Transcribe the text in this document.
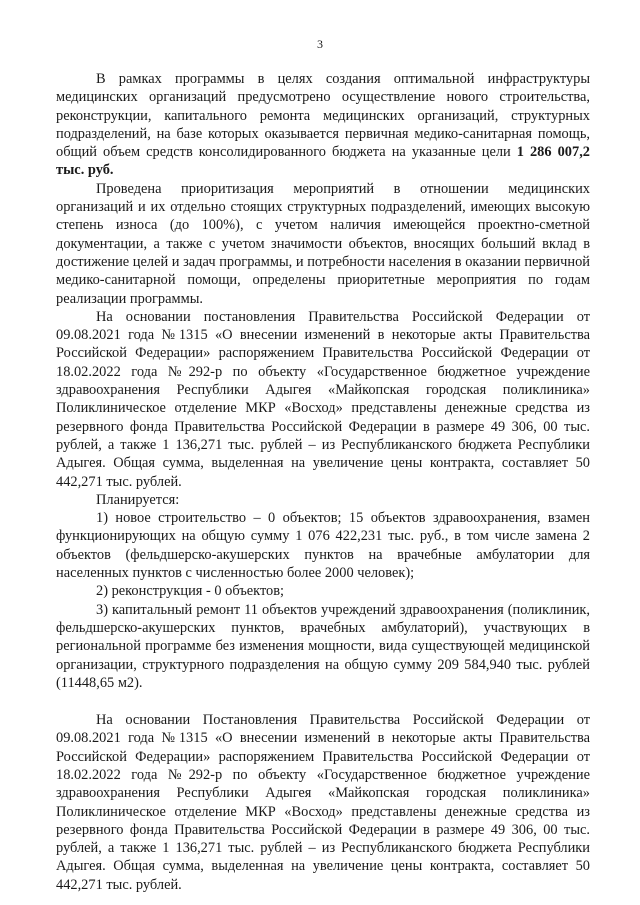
3

В рамках программы в целях создания оптимальной инфраструктуры медицинских организаций предусмотрено осуществление нового строительства, реконструкции, капитального ремонта медицинских организаций, структурных подразделений, на базе которых оказывается первичная медико-санитарная помощь, общий объем средств консолидированного бюджета на указанные цели 1 286 007,2 тыс. руб.

Проведена приоритизация мероприятий в отношении медицинских организаций и их отдельно стоящих структурных подразделений, имеющих высокую степень износа (до 100%), с учетом наличия имеющейся проектно-сметной документации, а также с учетом значимости объектов, вносящих больший вклад в достижение целей и задач программы, и потребности населения в оказании первичной медико-санитарной помощи, определены приоритетные мероприятия по годам реализации программы.

На основании постановления Правительства Российской Федерации от 09.08.2021 года №1315 «О внесении изменений в некоторые акты Правительства Российской Федерации» распоряжением Правительства Российской Федерации от 18.02.2022 года №292-р по объекту «Государственное бюджетное учреждение здравоохранения Республики Адыгея «Майкопская городская поликлиника» Поликлиническое отделение МКР «Восход» представлены денежные средства из резервного фонда Правительства Российской Федерации в размере 49 306, 00 тыс. рублей, а также 1 136,271 тыс. рублей – из Республиканского бюджета Республики Адыгея. Общая сумма, выделенная на увеличение цены контракта, составляет 50 442,271 тыс. рублей.

Планируется:

1) новое строительство – 0 объектов; 15 объектов здравоохранения, взамен функционирующих на общую сумму 1 076 422,231 тыс. руб., в том числе замена 2 объектов (фельдшерско-акушерских пунктов на врачебные амбулатории для населенных пунктов с численностью более 2000 человек);

2) реконструкция - 0 объектов;

3) капитальный ремонт 11 объектов учреждений здравоохранения (поликлиник, фельдшерско-акушерских пунктов, врачебных амбулаторий), участвующих в региональной программе без изменения мощности, вида существующей медицинской организации, структурного подразделения на общую сумму 209 584,940 тыс. рублей (11448,65 м2).

На основании Постановления Правительства Российской Федерации от 09.08.2021 года №1315 «О внесении изменений в некоторые акты Правительства Российской Федерации» распоряжением Правительства Российской Федерации от 18.02.2022 года №292-р по объекту «Государственное бюджетное учреждение здравоохранения Республики Адыгея «Майкопская городская поликлиника» Поликлиническое отделение МКР «Восход» представлены денежные средства из резервного фонда Правительства Российской Федерации в размере 49 306, 00 тыс. рублей, а также 1 136,271 тыс. рублей – из Республиканского бюджета Республики Адыгея. Общая сумма, выделенная на увеличение цены контракта, составляет 50 442,271 тыс. рублей.
